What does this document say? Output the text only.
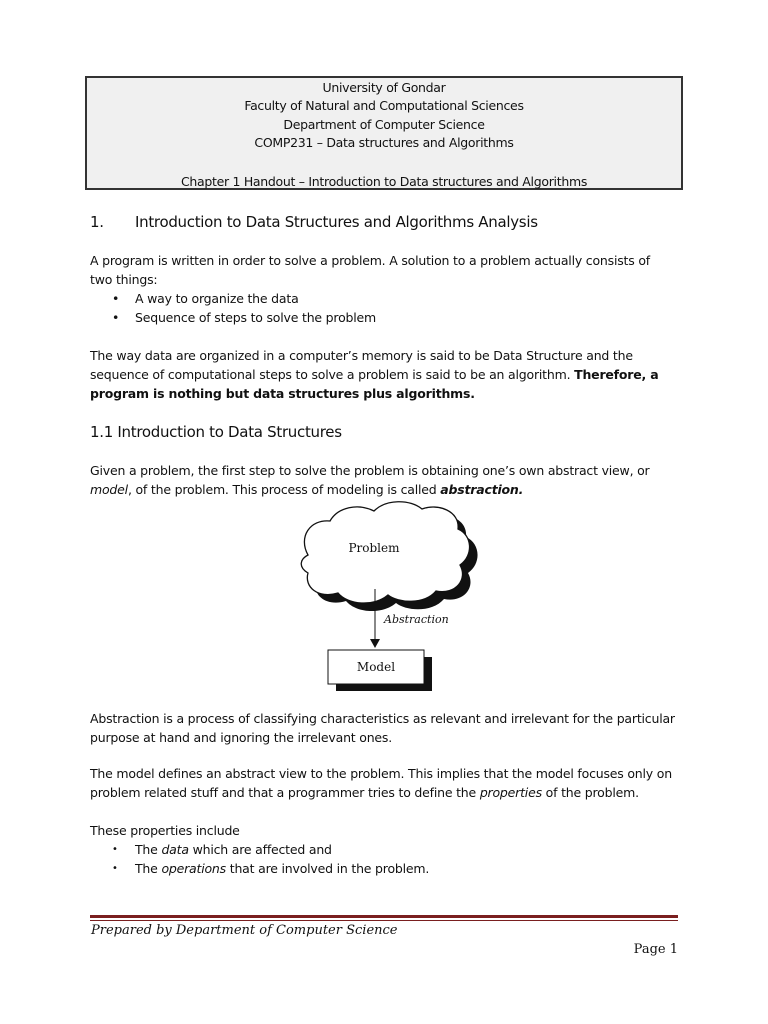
University of Gondar
Faculty of Natural and Computational Sciences
Department of Computer Science
COMP231 – Data structures and Algorithms
Chapter 1 Handout – Introduction to Data structures and Algorithms
1. Introduction to Data Structures and Algorithms Analysis
A program is written in order to solve a problem. A solution to a problem actually consists of
two things:
• A way to organize the data
• Sequence of steps to solve the problem
The way data are organized in a computer’s memory is said to be Data Structure and the
sequence of computational steps to solve a problem is said to be an algorithm. Therefore, a
program is nothing but data structures plus algorithms.
1.1 Introduction to Data Structures
Given a problem, the first step to solve the problem is obtaining one’s own abstract view, or
model, of the problem. This process of modeling is called abstraction.
Problem
Abstraction
Model
Abstraction is a process of classifying characteristics as relevant and irrelevant for the particular
purpose at hand and ignoring the irrelevant ones.
The model defines an abstract view to the problem. This implies that the model focuses only on
problem related stuff and that a programmer tries to define the properties of the problem.
These properties include
• The data which are affected and
• The operations that are involved in the problem.
Prepared by Department of Computer Science
Page 1
